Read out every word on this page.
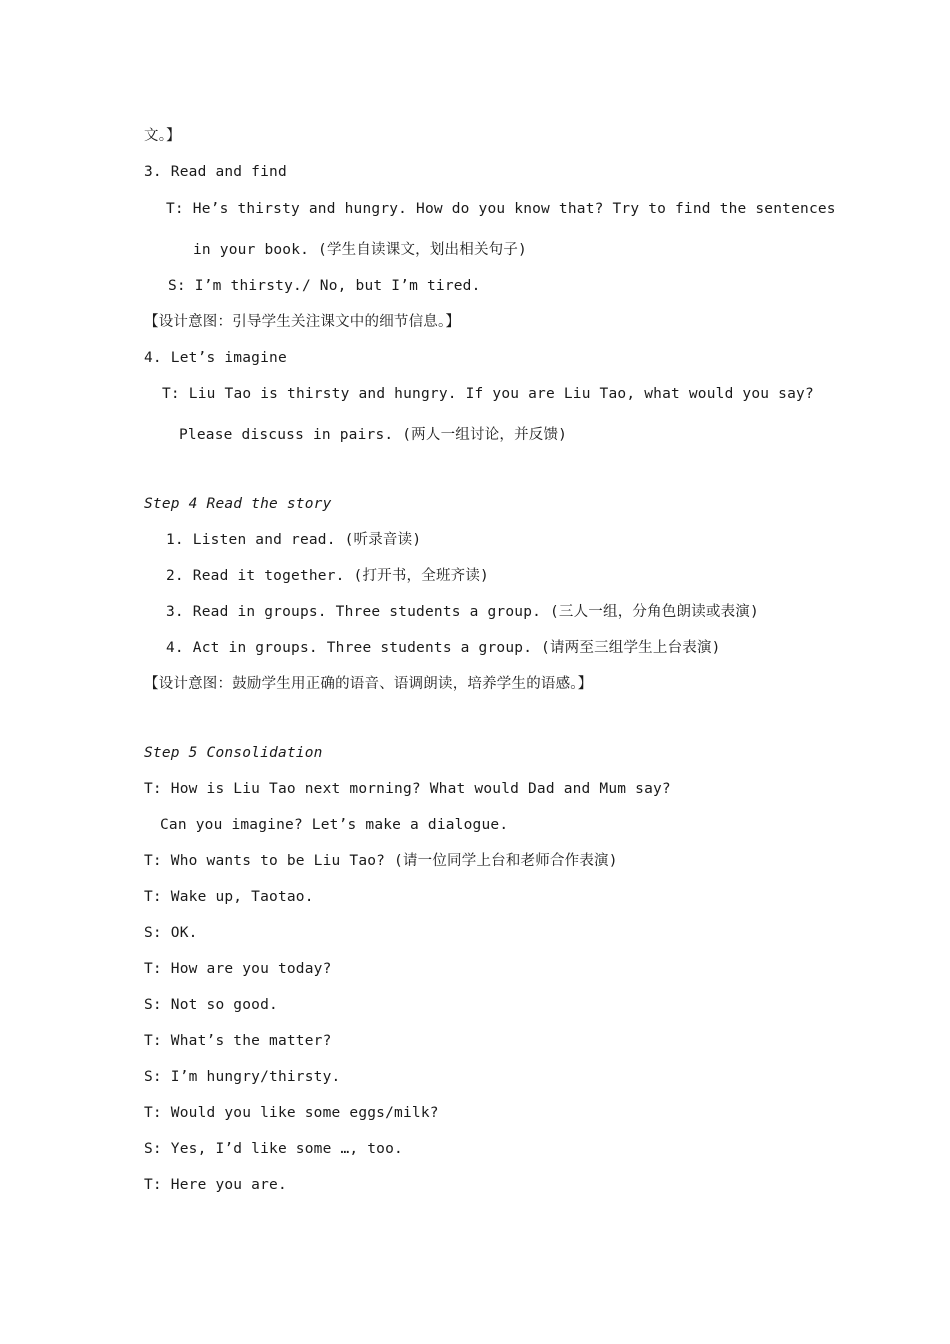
文。】
3. Read and find
T: He’s thirsty and hungry. How do you know that? Try to find the sentences
in your book. (学生自读课文，划出相关句子)
S: I’m thirsty./ No, but I’m tired.
【设计意图：引导学生关注课文中的细节信息。】
4. Let’s imagine
T: Liu Tao is thirsty and hungry. If you are Liu Tao, what would you say?
Please discuss in pairs. (两人一组讨论，并反馈)
Step 4 Read the story
1. Listen and read. (听录音读)
2. Read it together. (打开书，全班齐读)
3. Read in groups. Three students a group. (三人一组，分角色朗读或表演)
4. Act in groups. Three students a group. (请两至三组学生上台表演)
【设计意图：鼓励学生用正确的语音、语调朗读，培养学生的语感。】
Step 5 Consolidation
T: How is Liu Tao next morning? What would Dad and Mum say?
Can you imagine? Let’s make a dialogue.
T: Who wants to be Liu Tao? (请一位同学上台和老师合作表演)
T: Wake up, Taotao.
S: OK.
T: How are you today?
S: Not so good.
T: What’s the matter?
S: I’m hungry/thirsty.
T: Would you like some eggs/milk?
S: Yes, I’d like some …, too.
T: Here you are.
